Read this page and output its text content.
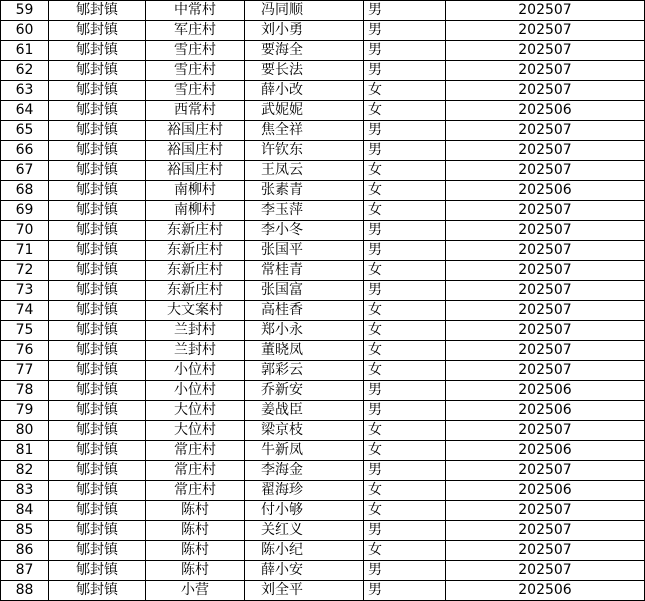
59	郇封镇	中常村	冯同顺	男	202507
60	郇封镇	军庄村	刘小勇	男	202507
61	郇封镇	雪庄村	要海全	男	202507
62	郇封镇	雪庄村	要长法	男	202507
63	郇封镇	雪庄村	薛小改	女	202507
64	郇封镇	西常村	武妮妮	女	202506
65	郇封镇	裕国庄村	焦全祥	男	202507
66	郇封镇	裕国庄村	许钦东	男	202507
67	郇封镇	裕国庄村	王凤云	女	202507
68	郇封镇	南柳村	张素青	女	202506
69	郇封镇	南柳村	李玉萍	女	202507
70	郇封镇	东新庄村	李小冬	男	202507
71	郇封镇	东新庄村	张国平	男	202507
72	郇封镇	东新庄村	常桂青	女	202507
73	郇封镇	东新庄村	张国富	男	202507
74	郇封镇	大文案村	高桂香	女	202507
75	郇封镇	兰封村	郑小永	女	202507
76	郇封镇	兰封村	董晓凤	女	202507
77	郇封镇	小位村	郭彩云	女	202507
78	郇封镇	小位村	乔新安	男	202506
79	郇封镇	大位村	姜战臣	男	202506
80	郇封镇	大位村	梁京枝	女	202507
81	郇封镇	常庄村	牛新凤	女	202506
82	郇封镇	常庄村	李海金	男	202507
83	郇封镇	常庄村	翟海珍	女	202506
84	郇封镇	陈村	付小够	女	202507
85	郇封镇	陈村	关红义	男	202507
86	郇封镇	陈村	陈小纪	女	202507
87	郇封镇	陈村	薛小安	男	202507
88	郇封镇	小营	刘全平	男	202506
